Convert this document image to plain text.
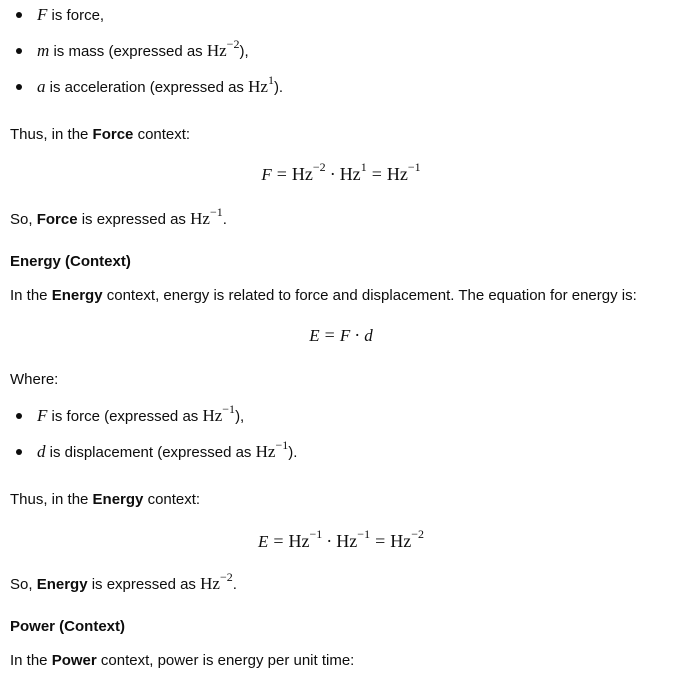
F is force,
m is mass (expressed as $Hz^{-2}$),
a is acceleration (expressed as Hz$^1$).
Thus, in the Force context:
$F = Hz^{-2} \cdot Hz^1 = Hz^{-1}$
So, Force is expressed as $Hz^{-1}$.
Energy (Context)
In the Energy context, energy is related to force and displacement. The equation for energy is:
E = F · d
Where:
F is force (expressed as $Hz^{-1}$),
d is displacement (expressed as $Hz^{-1}$).
Thus, in the Energy context:
$E = Hz^{-1} \cdot Hz^{-1} = Hz^{-2}$
So, Energy is expressed as $Hz^{-2}$.
Power (Context)
In the Power context, power is energy per unit time:
